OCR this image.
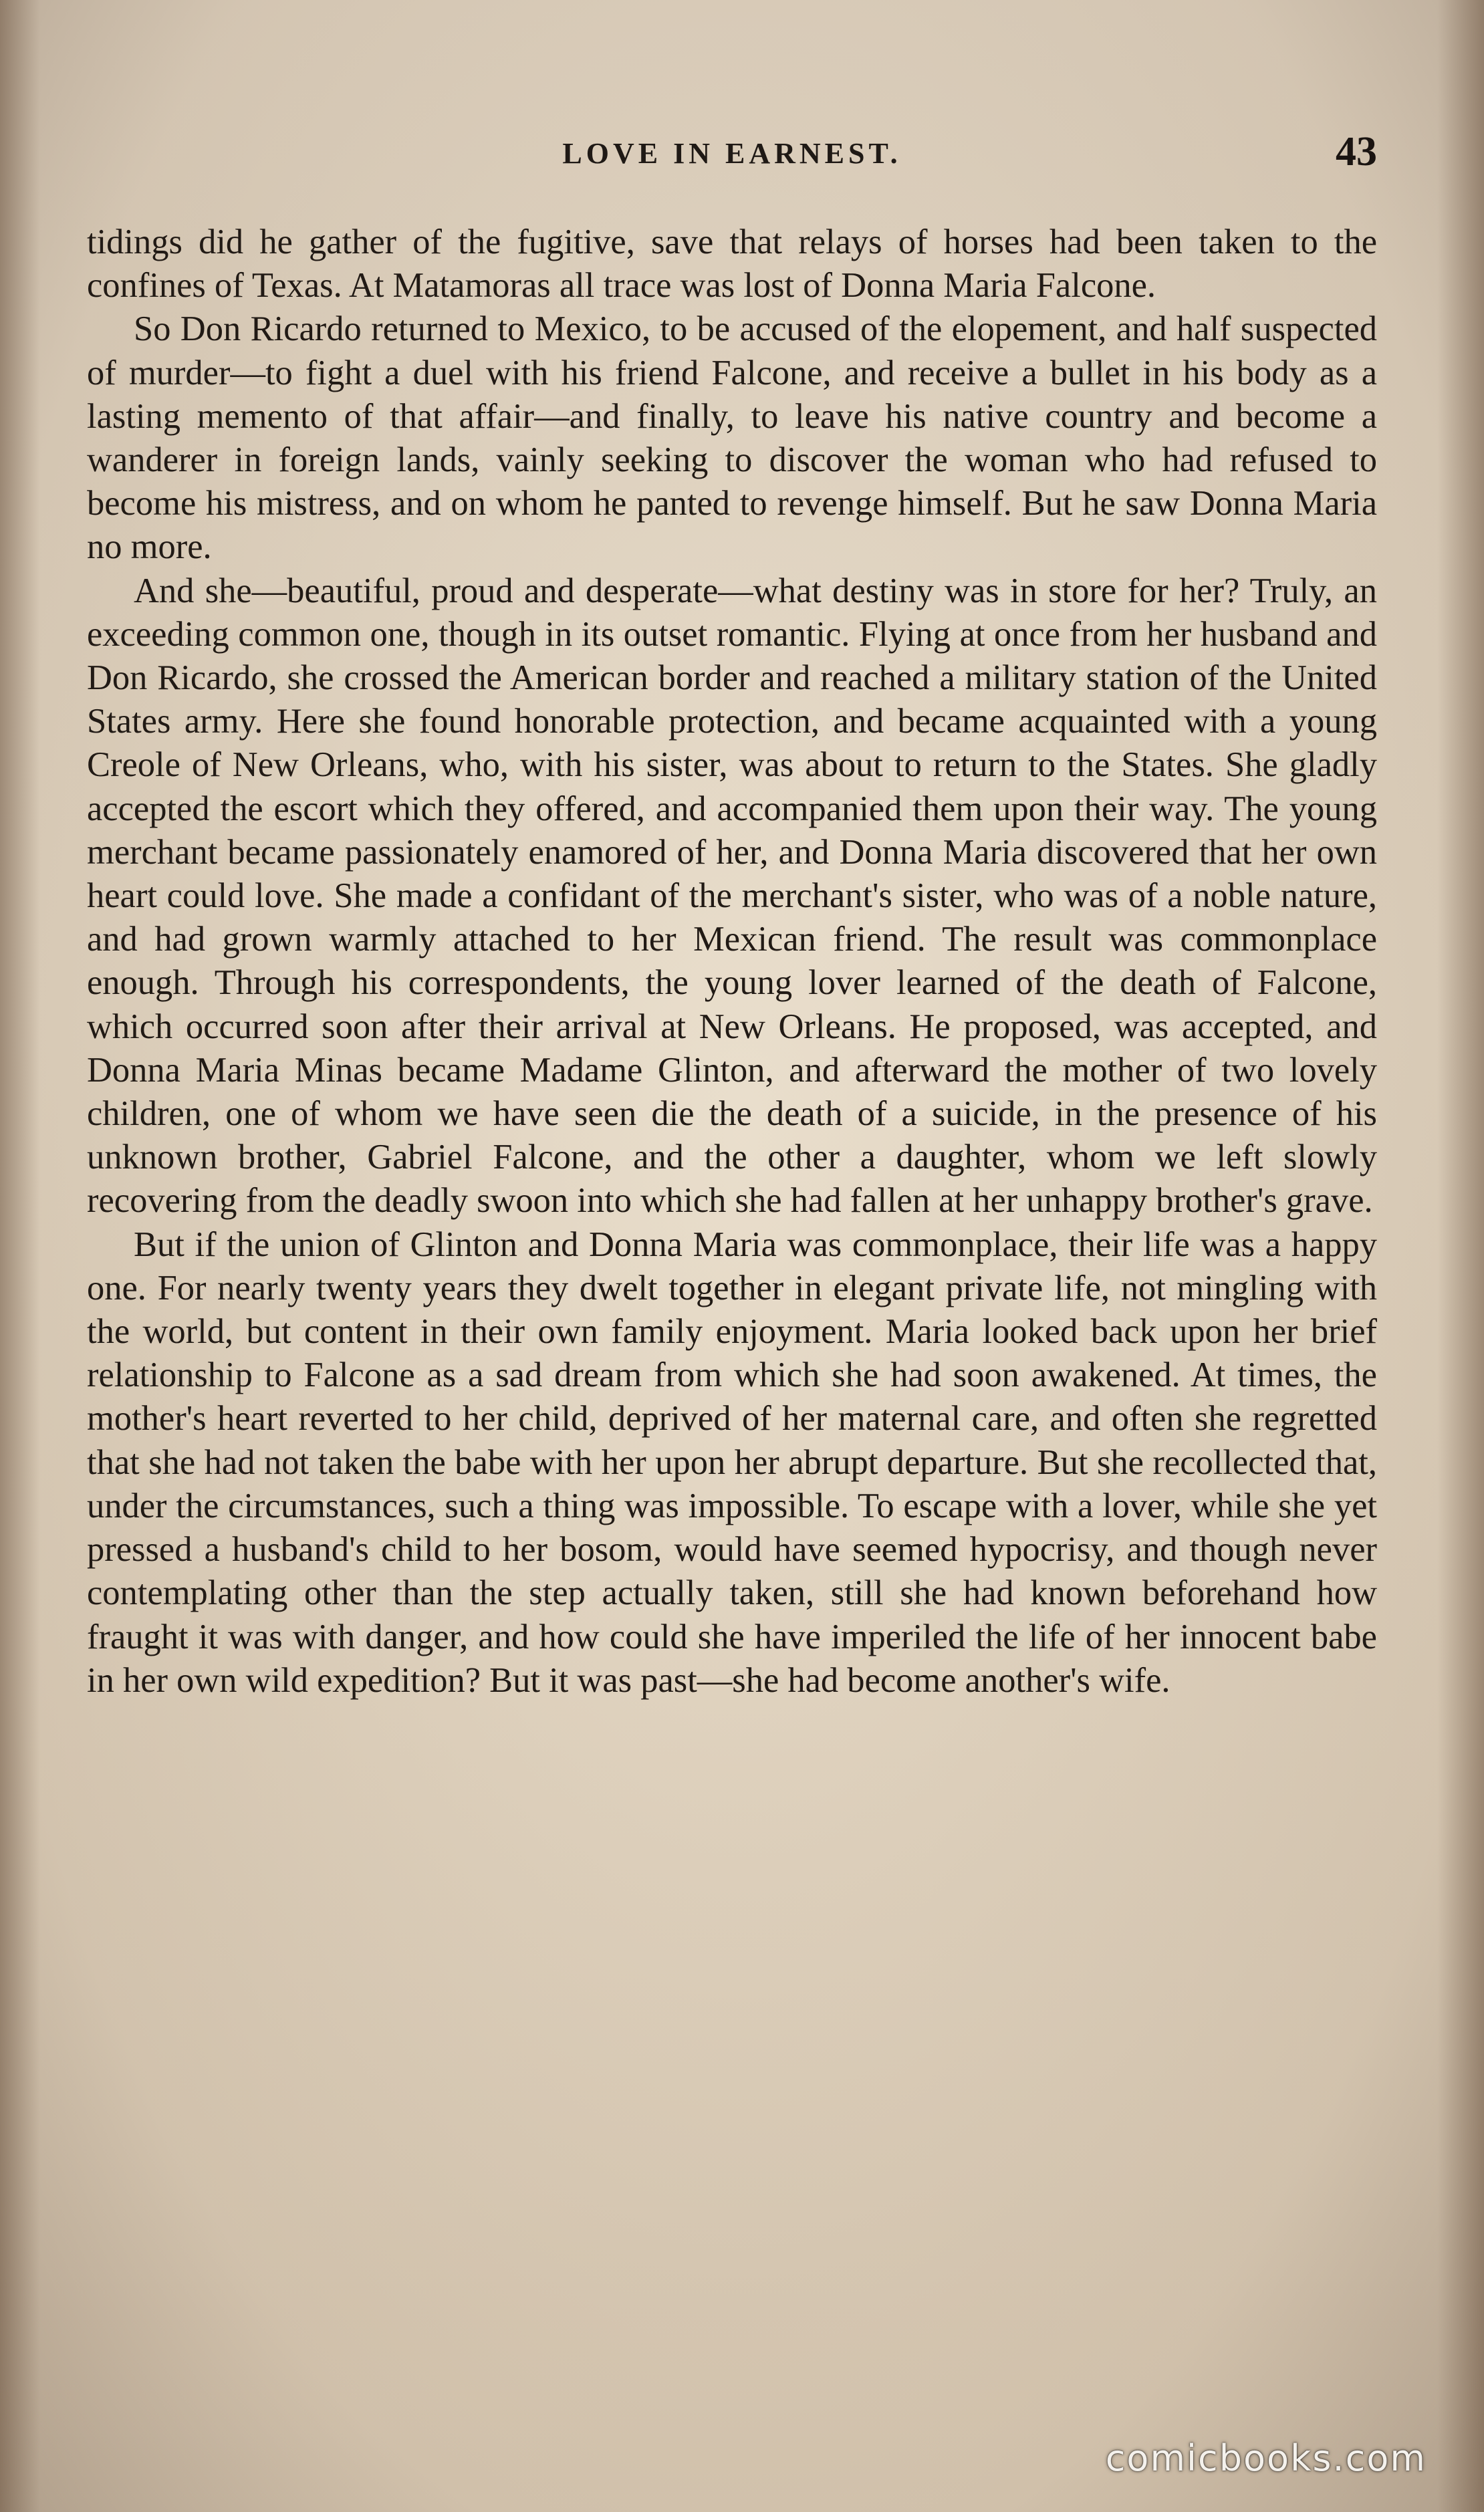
LOVE IN EARNEST.	43

tidings did he gather of the fugitive, save that relays of horses had been taken to the confines of Texas. At Matamoras all trace was lost of Donna Maria Falcone.

So Don Ricardo returned to Mexico, to be accused of the elopement, and half suspected of murder—to fight a duel with his friend Falcone, and receive a bullet in his body as a lasting memento of that affair—and finally, to leave his native country and become a wanderer in foreign lands, vainly seeking to discover the woman who had refused to become his mistress, and on whom he panted to revenge himself. But he saw Donna Maria no more.

And she—beautiful, proud and desperate—what destiny was in store for her? Truly, an exceeding common one, though in its outset romantic. Flying at once from her husband and Don Ricardo, she crossed the American border and reached a military station of the United States army. Here she found honorable protection, and became acquainted with a young Creole of New Orleans, who, with his sister, was about to return to the States. She gladly accepted the escort which they offered, and accompanied them upon their way. The young merchant became passionately enamored of her, and Donna Maria discovered that her own heart could love. She made a confidant of the merchant's sister, who was of a noble nature, and had grown warmly attached to her Mexican friend. The result was commonplace enough. Through his correspondents, the young lover learned of the death of Falcone, which occurred soon after their arrival at New Orleans. He proposed, was accepted, and Donna Maria Minas became Madame Glinton, and afterward the mother of two lovely children, one of whom we have seen die the death of a suicide, in the presence of his unknown brother, Gabriel Falcone, and the other a daughter, whom we left slowly recovering from the deadly swoon into which she had fallen at her unhappy brother's grave.

But if the union of Glinton and Donna Maria was commonplace, their life was a happy one. For nearly twenty years they dwelt together in elegant private life, not mingling with the world, but content in their own family enjoyment. Maria looked back upon her brief relationship to Falcone as a sad dream from which she had soon awakened. At times, the mother's heart reverted to her child, deprived of her maternal care, and often she regretted that she had not taken the babe with her upon her abrupt departure. But she recollected that, under the circumstances, such a thing was impossible. To escape with a lover, while she yet pressed a husband's child to her bosom, would have seemed hypocrisy, and though never contemplating other than the step actually taken, still she had known beforehand how fraught it was with danger, and how could she have imperiled the life of her innocent babe in her own wild expedition? But it was past—she had become another's wife.

comicbooks.com
